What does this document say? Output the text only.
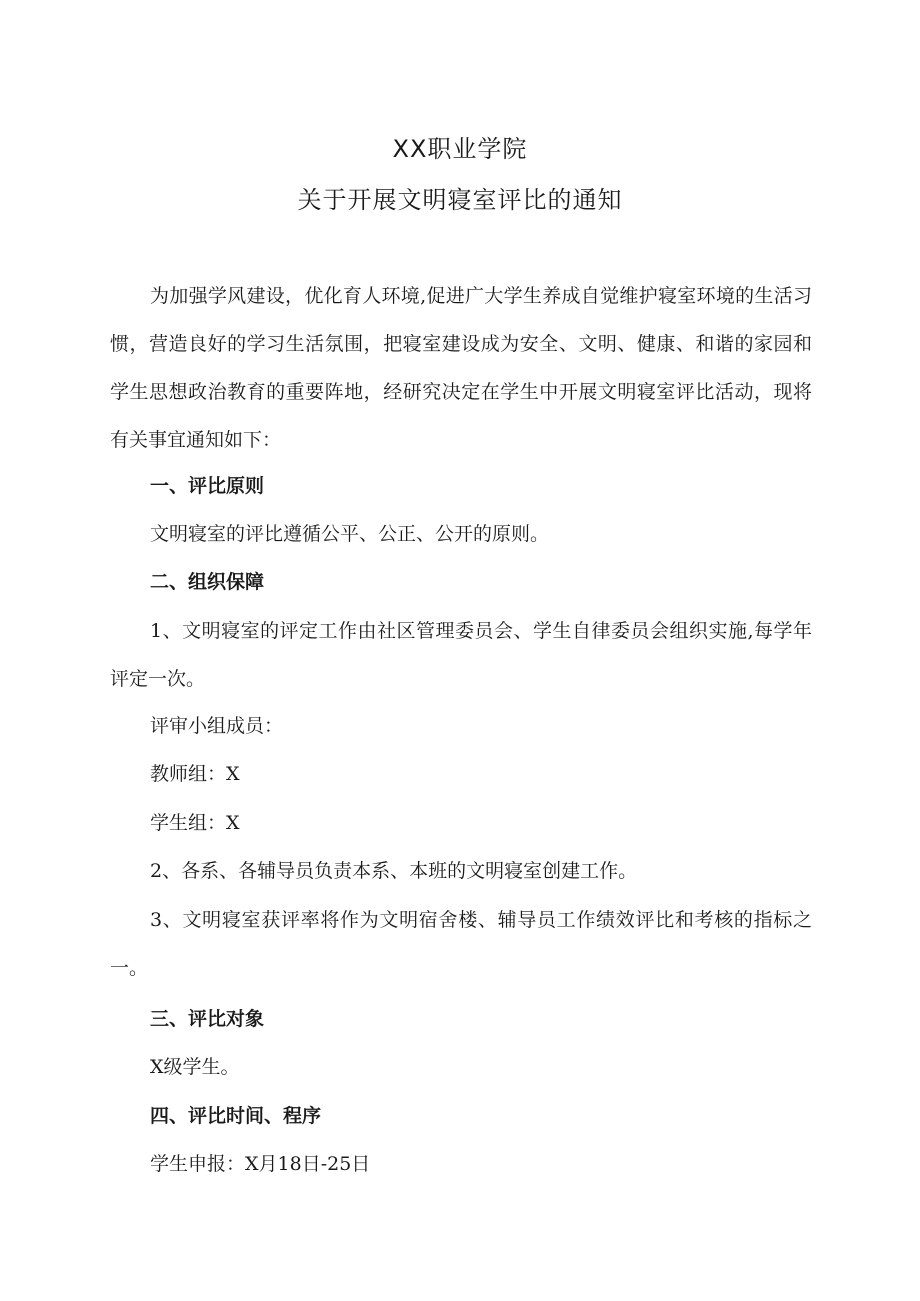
XX职业学院
关于开展文明寝室评比的通知
为加强学风建设，优化育人环境,促进广大学生养成自觉维护寝室环境的生活习惯，营造良好的学习生活氛围，把寝室建设成为安全、文明、健康、和谐的家园和学生思想政治教育的重要阵地，经研究决定在学生中开展文明寝室评比活动，现将有关事宜通知如下：
一、评比原则
文明寝室的评比遵循公平、公正、公开的原则。
二、组织保障
1、文明寝室的评定工作由社区管理委员会、学生自律委员会组织实施,每学年评定一次。
评审小组成员：
教师组：X
学生组：X
2、各系、各辅导员负责本系、本班的文明寝室创建工作。
3、文明寝室获评率将作为文明宿舍楼、辅导员工作绩效评比和考核的指标之一。
三、评比对象
X级学生。
四、评比时间、程序
学生申报：X月18日-25日
